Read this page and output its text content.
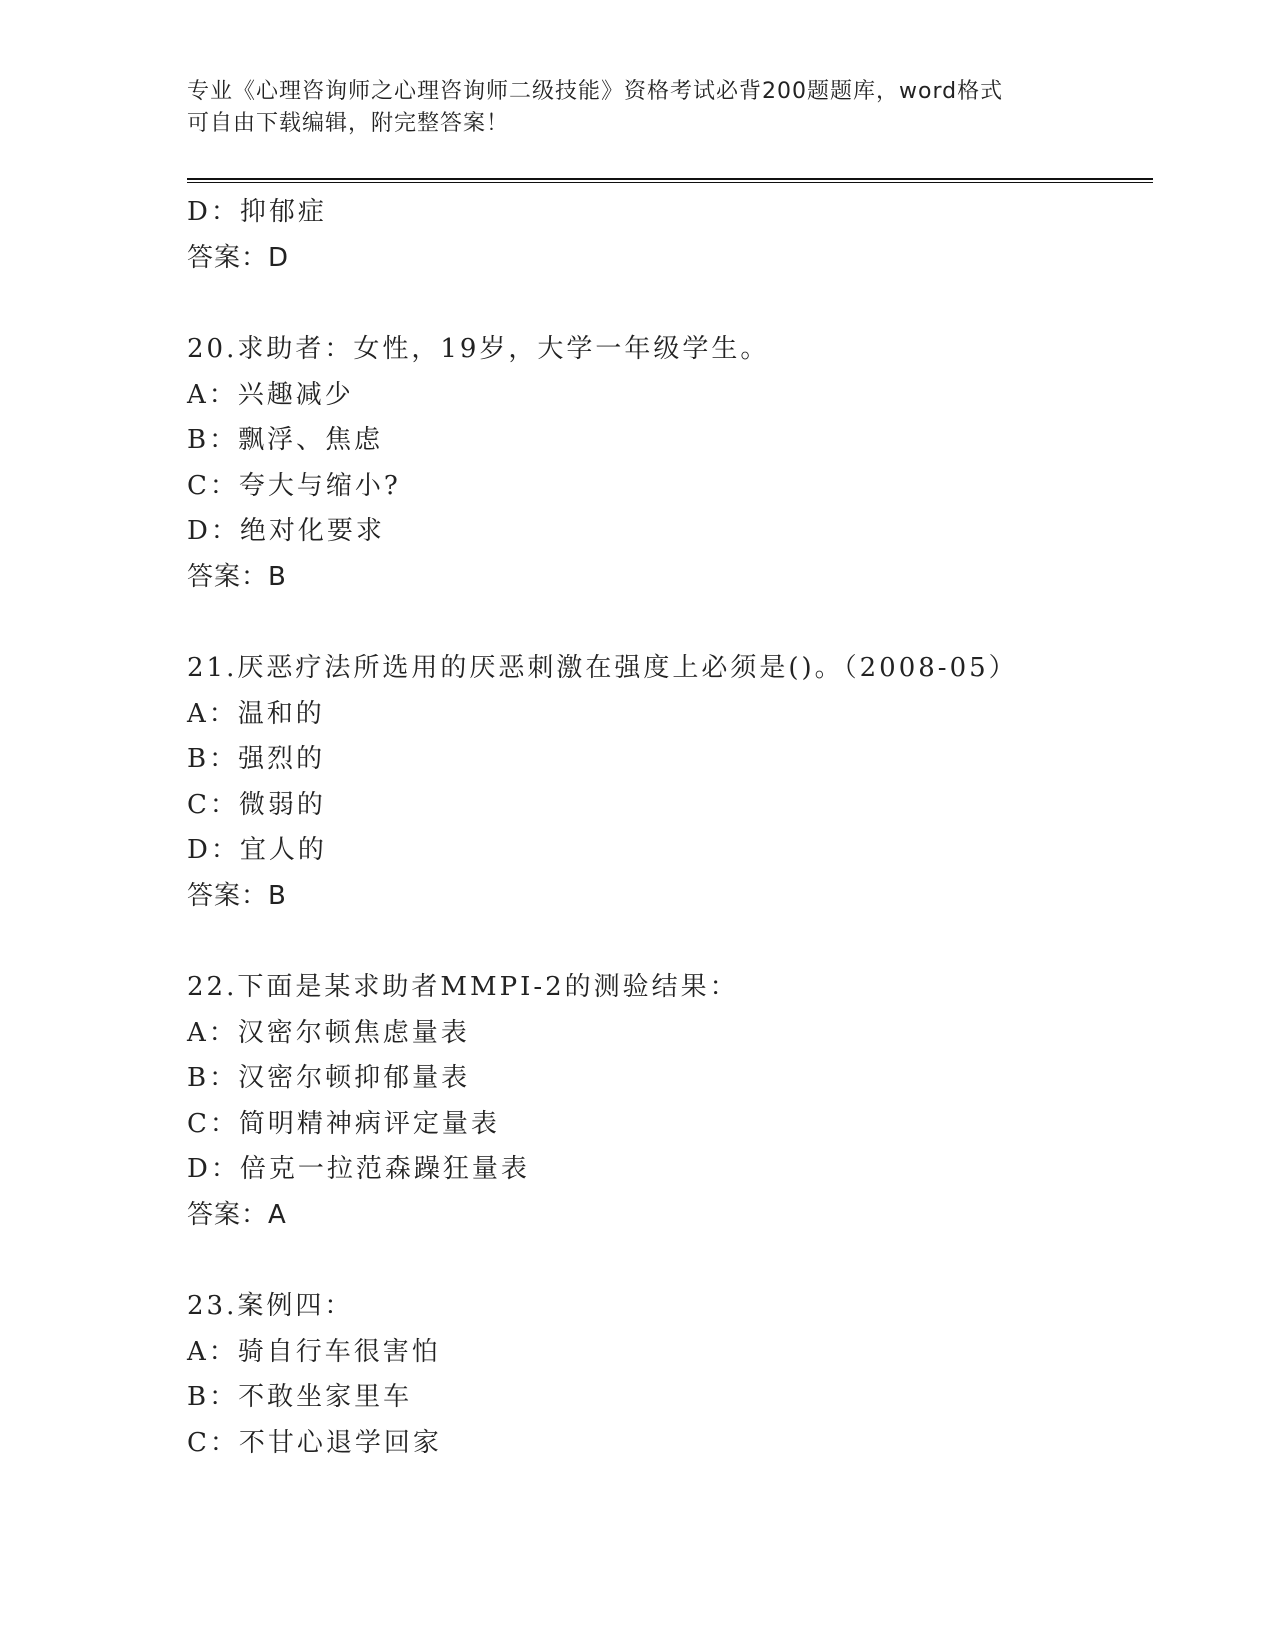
专业《心理咨询师之心理咨询师二级技能》资格考试必背200题题库，word格式
可自由下载编辑，附完整答案！
D：抑郁症
答案：D
20.求助者：女性，19岁，大学一年级学生。
A：兴趣减少
B：飘浮、焦虑
C：夸大与缩小?
D：绝对化要求
答案：B
21.厌恶疗法所选用的厌恶刺激在强度上必须是()。（2008-05）
A：温和的
B：强烈的
C：微弱的
D：宜人的
答案：B
22.下面是某求助者MMPI-2的测验结果：
A：汉密尔顿焦虑量表
B：汉密尔顿抑郁量表
C：简明精神病评定量表
D：倍克一拉范森躁狂量表
答案：A
23.案例四：
A：骑自行车很害怕
B：不敢坐家里车
C：不甘心退学回家
